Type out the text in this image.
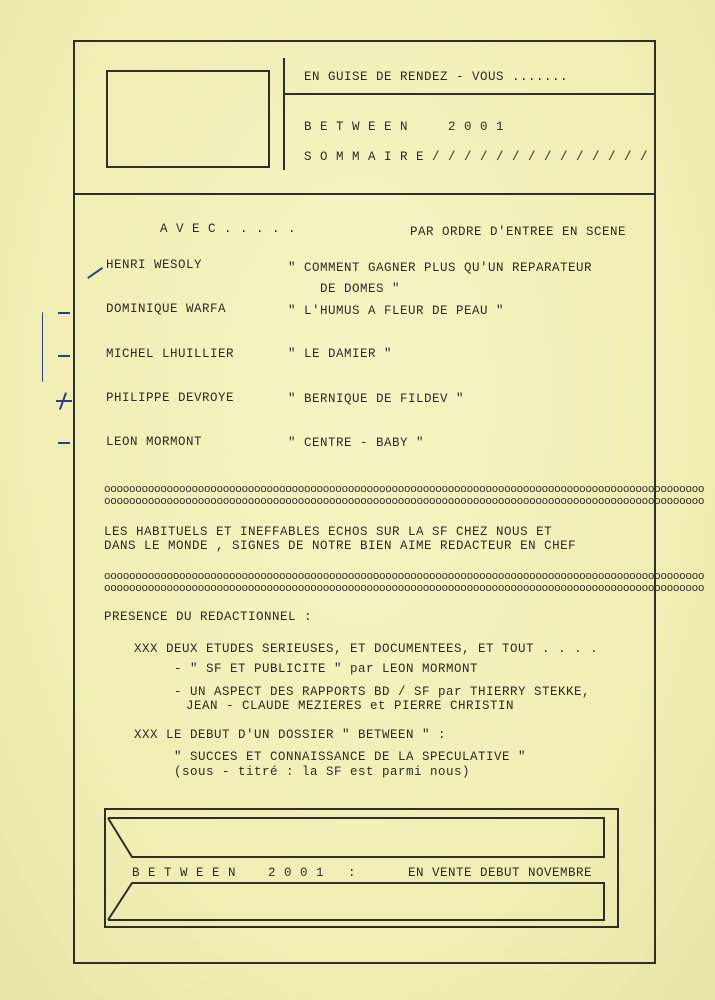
EN GUISE DE RENDEZ - VOUS .......
B E T W E E N     2 0 0 1
S O M M A I R E / / / / / / / / / / / / / /
A V E C . . . . .	PAR ORDRE D'ENTREE EN SCENE
HENRI WESOLY	" COMMENT GAGNER PLUS QU'UN REPARATEUR
DE DOMES "
DOMINIQUE WARFA	" L'HUMUS A FLEUR DE PEAU "
MICHEL LHUILLIER	" LE DAMIER "
PHILIPPE DEVROYE	" BERNIQUE DE FILDEV "
LEON MORMONT	" CENTRE - BABY "
oooooooooooooooooooooooooooooooooooooooooooooooooooooooooooooooooooooooooooooooooooooooooooooooo
oooooooooooooooooooooooooooooooooooooooooooooooooooooooooooooooooooooooooooooooooooooooooooooooo
LES HABITUELS ET INEFFABLES ECHOS SUR LA SF CHEZ NOUS ET
DANS LE MONDE , SIGNES DE NOTRE BIEN AIME REDACTEUR EN CHEF
oooooooooooooooooooooooooooooooooooooooooooooooooooooooooooooooooooooooooooooooooooooooooooooooo
oooooooooooooooooooooooooooooooooooooooooooooooooooooooooooooooooooooooooooooooooooooooooooooooo
PRESENCE DU REDACTIONNEL :
XXX DEUX ETUDES SERIEUSES, ET DOCUMENTEES, ET TOUT . . . .
- " SF ET PUBLICITE " par LEON MORMONT
- UN ASPECT DES RAPPORTS BD / SF par THIERRY STEKKE,
JEAN - CLAUDE MEZIERES et PIERRE CHRISTIN
XXX LE DEBUT D'UN DOSSIER " BETWEEN " :
" SUCCES ET CONNAISSANCE DE LA SPECULATIVE "
(sous - titré : la SF est parmi nous)
B E T W E E N    2 0 0 1   :	EN VENTE DEBUT NOVEMBRE
